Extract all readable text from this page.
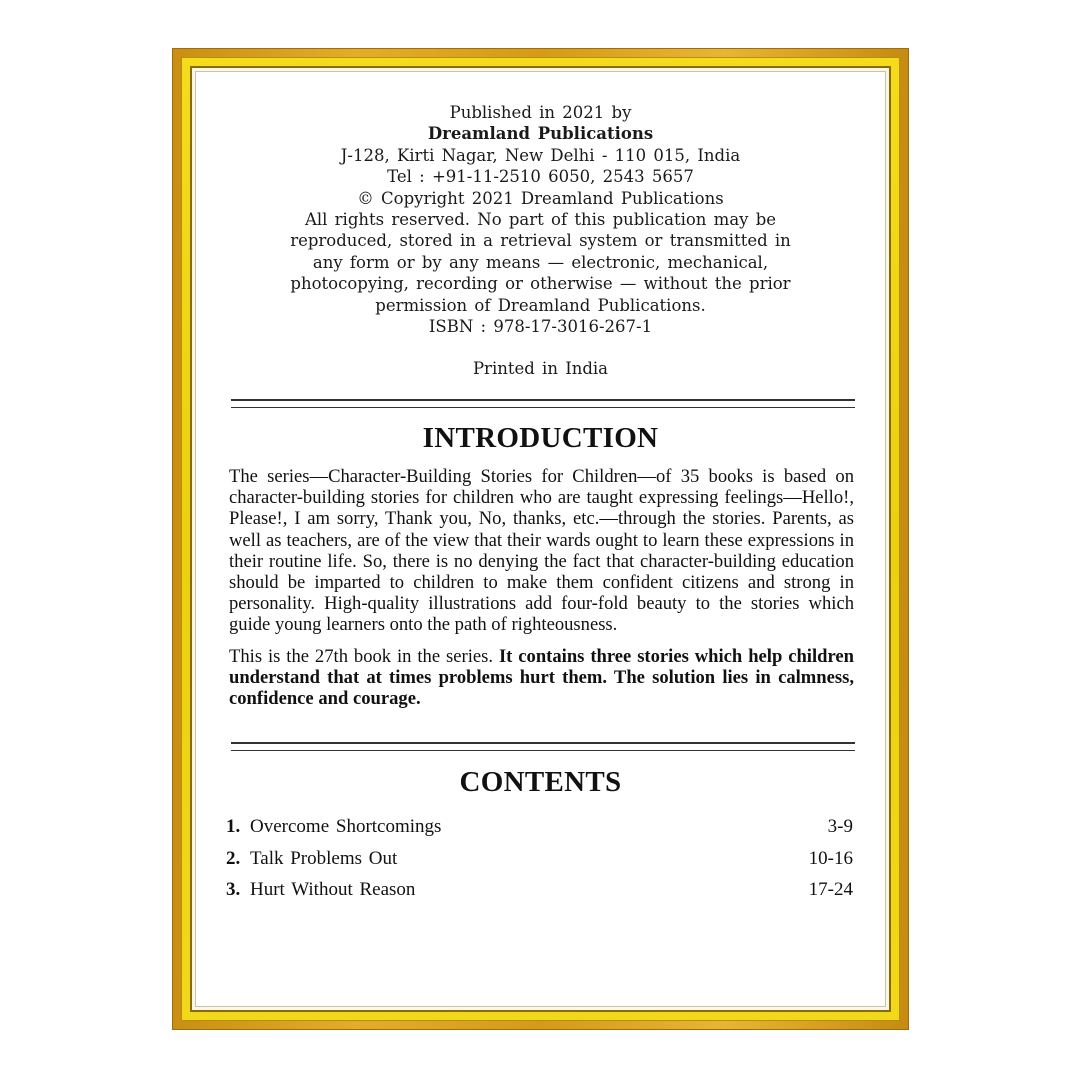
Published in 2021 by
Dreamland Publications
J-128, Kirti Nagar, New Delhi - 110 015, India
Tel : +91-11-2510 6050, 2543 5657
© Copyright 2021 Dreamland Publications
All rights reserved. No part of this publication may be
reproduced, stored in a retrieval system or transmitted in
any form or by any means — electronic, mechanical,
photocopying, recording or otherwise — without the prior
permission of Dreamland Publications.
ISBN : 978-17-3016-267-1
Printed in India
INTRODUCTION

The series—Character-Building Stories for Children—of 35 books is based on character-building stories for children who are taught expressing feelings—Hello!, Please!, I am sorry, Thank you, No, thanks, etc.—through the stories. Parents, as well as teachers, are of the view that their wards ought to learn these expressions in their routine life. So, there is no denying the fact that character-building education should be imparted to children to make them confident citizens and strong in personality. High-quality illustrations add four-fold beauty to the stories which guide young learners onto the path of righteousness.

This is the 27th book in the series. It contains three stories which help children understand that at times problems hurt them. The solution lies in calmness, confidence and courage.

CONTENTS
1. Overcome Shortcomings	3-9
2. Talk Problems Out	10-16
3. Hurt Without Reason	17-24
